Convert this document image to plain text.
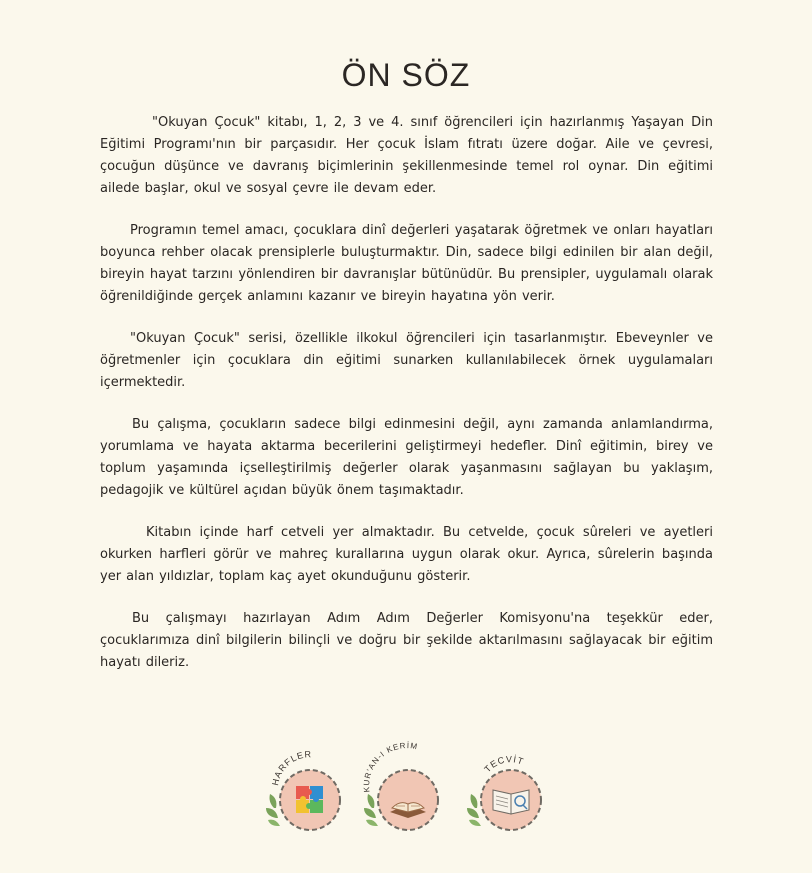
ÖN SÖZ

"Okuyan Çocuk" kitabı, 1, 2, 3 ve 4. sınıf öğrencileri için hazırlanmış Yaşayan Din Eğitimi Programı'nın bir parçasıdır. Her çocuk İslam fıtratı üzere doğar. Aile ve çevresi, çocuğun düşünce ve davranış biçimlerinin şekillenmesinde temel rol oynar. Din eğitimi ailede başlar, okul ve sosyal çevre ile devam eder.

Programın temel amacı, çocuklara dinî değerleri yaşatarak öğretmek ve onları hayatları boyunca rehber olacak prensiplerle buluşturmaktır. Din, sadece bilgi edinilen bir alan değil, bireyin hayat tarzını yönlendiren bir davranışlar bütünüdür. Bu prensipler, uygulamalı olarak öğrenildiğinde gerçek anlamını kazanır ve bireyin hayatına yön verir.

"Okuyan Çocuk" serisi, özellikle ilkokul öğrencileri için tasarlanmıştır. Ebeveynler ve öğretmenler için çocuklara din eğitimi sunarken kullanılabilecek örnek uygulamaları içermektedir.

Bu çalışma, çocukların sadece bilgi edinmesini değil, aynı zamanda anlamlandırma, yorumlama ve hayata aktarma becerilerini geliştirmeyi hedefler. Dinî eğitimin, birey ve toplum yaşamında içselleştirilmiş değerler olarak yaşanmasını sağlayan bu yaklaşım, pedagojik ve kültürel açıdan büyük önem taşımaktadır.

Kitabın içinde harf cetveli yer almaktadır. Bu cetvelde, çocuk sûreleri ve ayetleri okurken harfleri görür ve mahreç kurallarına uygun olarak okur. Ayrıca, sûrelerin başında yer alan yıldızlar, toplam kaç ayet okunduğunu gösterir.

Bu çalışmayı hazırlayan Adım Adım Değerler Komisyonu'na teşekkür eder, çocuklarımıza dinî bilgilerin bilinçli ve doğru bir şekilde aktarılmasını sağlayacak bir eğitim hayatı dileriz.

HARFLER
KUR'AN-I KERİM
TECVİT
